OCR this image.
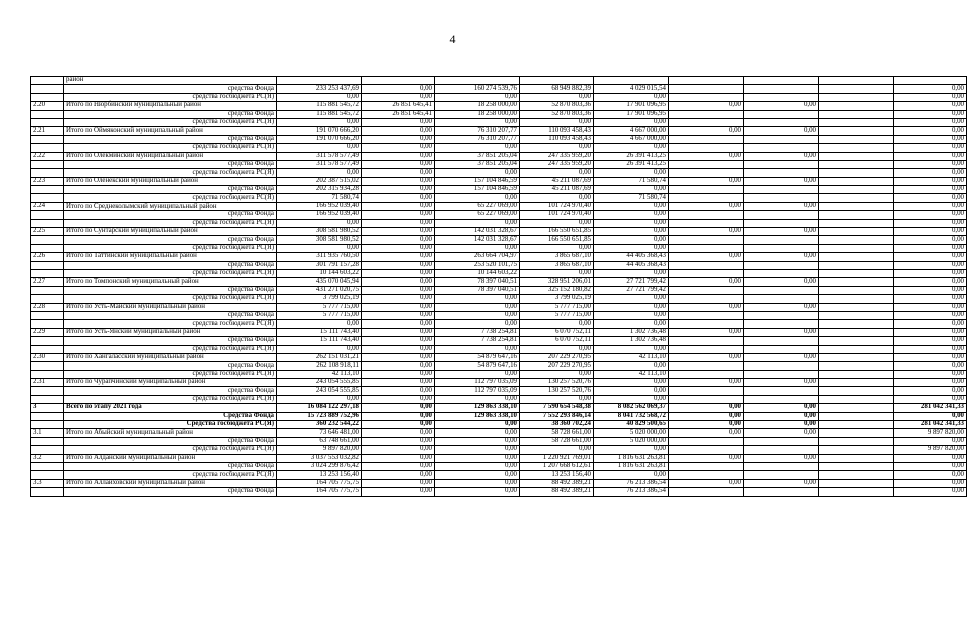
4
	район									
	средства Фонда	233 253 437,69	0,00	160 274 539,76	68 949 882,39	4 029 015,54				0,00
	средства госбюджета РС(Я)	0,00	0,00	0,00	0,00	0,00				0,00
2.20	Итого по Нюрбинский муниципальный район	115 881 545,72	26 851 645,41	18 258 000,00	52 870 803,36	17 901 096,95	0,00	0,00		0,00
	средства Фонда	115 881 545,72	26 851 645,41	18 258 000,00	52 870 803,36	17 901 096,95				0,00
	средства госбюджета РС(Я)	0,00	0,00	0,00	0,00	0,00				0,00
2.21	Итого по Оймяконский муниципальный район	191 070 666,20	0,00	76 310 207,77	110 093 458,43	4 667 000,00	0,00	0,00		0,00
	средства Фонда	191 070 666,20	0,00	76 310 207,77	110 093 458,43	4 667 000,00				0,00
	средства госбюджета РС(Я)	0,00	0,00	0,00	0,00	0,00				0,00
2.22	Итого по Олекминский муниципальный район	311 578 577,49	0,00	37 851 205,04	247 335 959,20	26 391 413,25	0,00	0,00		0,00
	средства Фонда	311 578 577,49	0,00	37 851 205,04	247 335 959,20	26 391 413,25				0,00
	средства госбюджета РС(Я)	0,00	0,00	0,00	0,00	0,00				0,00
2.23	Итого по Оленекский муниципальный район	202 387 515,02	0,00	157 104 846,59	45 211 087,69	71 580,74	0,00	0,00		0,00
	средства Фонда	202 315 934,28	0,00	157 104 846,59	45 211 087,69	0,00				0,00
	средства госбюджета РС(Я)	71 580,74	0,00	0,00	0,00	71 580,74				0,00
2.24	Итого по Среднеколымский муниципальный район	166 952 039,40	0,00	65 227 069,00	101 724 970,40	0,00	0,00	0,00		0,00
	средства Фонда	166 952 039,40	0,00	65 227 069,00	101 724 970,40	0,00				0,00
	средства госбюджета РС(Я)	0,00	0,00	0,00	0,00	0,00				0,00
2.25	Итого по Сунтарский муниципальный район	308 581 980,52	0,00	142 031 328,67	166 550 651,85	0,00	0,00	0,00		0,00
	средства Фонда	308 581 980,52	0,00	142 031 328,67	166 550 651,85	0,00				0,00
	средства госбюджета РС(Я)	0,00	0,00	0,00	0,00	0,00				0,00
2.26	Итого по Таттинский муниципальный район	311 935 760,50	0,00	263 664 704,97	3 865 687,10	44 405 368,43	0,00	0,00		0,00
	средства Фонда	301 791 157,28	0,00	253 520 101,75	3 865 687,10	44 405 368,43				0,00
	средства госбюджета РС(Я)	10 144 603,22	0,00	10 144 603,22	0,00	0,00				0,00
2.27	Итого по Томпонский муниципальный район	435 070 045,94	0,00	78 397 040,51	328 951 206,01	27 721 799,42	0,00	0,00		0,00
	средства Фонда	431 271 020,75	0,00	78 397 040,51	325 152 180,82	27 721 799,42				0,00
	средства госбюджета РС(Я)	3 799 025,19	0,00	0,00	3 799 025,19	0,00				0,00
2.28	Итого по Усть-Майский муниципальный район	5 777 715,00	0,00	0,00	5 777 715,00	0,00	0,00	0,00		0,00
	средства Фонда	5 777 715,00	0,00	0,00	5 777 715,00	0,00				0,00
	средства госбюджета РС(Я)	0,00	0,00	0,00	0,00	0,00				0,00
2.29	Итого по Усть-Янский муниципальный район	15 111 743,40	0,00	7 738 254,81	6 070 752,11	1 302 736,48	0,00	0,00		0,00
	средства Фонда	15 111 743,40	0,00	7 738 254,81	6 070 752,11	1 302 736,48				0,00
	средства госбюджета РС(Я)	0,00	0,00	0,00	0,00	0,00				0,00
2.30	Итого по Хангаласский муниципальный район	262 151 031,21	0,00	54 879 647,16	207 229 270,95	42 113,10	0,00	0,00		0,00
	средства Фонда	262 108 918,11	0,00	54 879 647,16	207 229 270,95	0,00				0,00
	средства госбюджета РС(Я)	42 113,10	0,00	0,00	0,00	42 113,10				0,00
2.31	Итого по Чурапчинский муниципальный район	243 054 555,85	0,00	112 797 035,09	130 257 520,76	0,00	0,00	0,00		0,00
	средства Фонда	243 054 555,85	0,00	112 797 035,09	130 257 520,76	0,00				0,00
	средства госбюджета РС(Я)	0,00	0,00	0,00	0,00	0,00				0,00
3	Всего по этапу 2021 года	16 084 122 297,18	0,00	129 863 338,10	7 590 654 548,38	8 082 562 069,37	0,00	0,00		281 042 341,33
	Средства Фонда	15 723 889 752,96	0,00	129 863 338,10	7 552 293 846,14	8 041 732 568,72	0,00	0,00		0,00
	Средства госбюджета РС(Я)	360 232 544,22	0,00	0,00	38 360 702,24	40 829 500,65	0,00	0,00		281 042 341,33
3.1	Итого по Абыйский муниципальный район	73 646 481,00	0,00	0,00	58 728 661,00	5 020 000,00	0,00	0,00		9 897 820,00
	средства Фонда	63 748 661,00	0,00	0,00	58 728 661,00	5 020 000,00				0,00
	средства госбюджета РС(Я)	9 897 820,00	0,00	0,00	0,00	0,00				9 897 820,00
3.2	Итого по Алданский муниципальный район	3 037 553 032,82	0,00	0,00	1 220 921 769,01	1 816 631 263,81	0,00	0,00		0,00
	средства Фонда	3 024 299 876,42	0,00	0,00	1 207 668 612,61	1 816 631 263,81				0,00
	средства госбюджета РС(Я)	13 253 156,40	0,00	0,00	13 253 156,40	0,00				0,00
3.3	Итого по Аллаиховский муниципальный район	164 705 775,75	0,00	0,00	88 492 389,21	76 213 386,54	0,00	0,00		0,00
	средства Фонда	164 705 775,75	0,00	0,00	88 492 389,21	76 213 386,54				0,00
